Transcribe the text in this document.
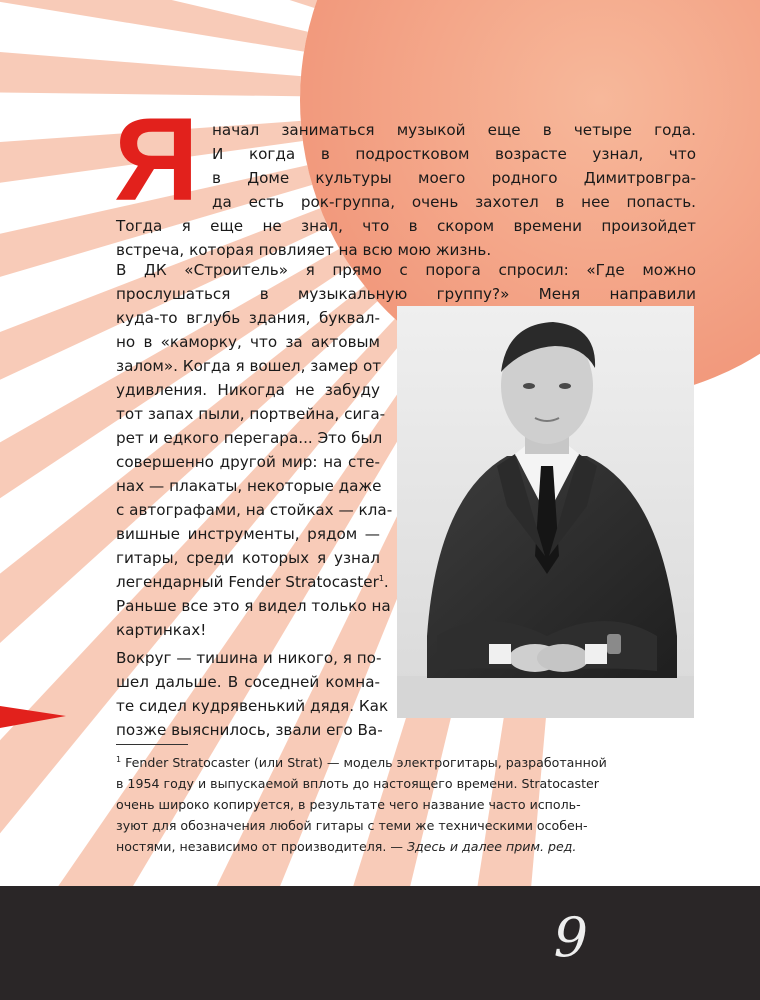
Я начал заниматься музыкой еще в четыре года.
И когда в подростковом возрасте узнал, что
в Доме культуры моего родного Димитровгра-
да есть рок-группа, очень захотел в нее попасть.
Тогда я еще не знал, что в скором времени произойдет
встреча, которая повлияет на всю мою жизнь.
В ДК «Строитель» я прямо с порога спросил: «Где можно
прослушаться в музыкальную группу?» Меня направили
куда-то вглубь здания, буквал-
но в «каморку, что за актовым
залом». Когда я вошел, замер от
удивления. Никогда не забуду
тот запах пыли, портвейна, сига-
рет и едкого перегара... Это был
совершенно другой мир: на сте-
нах — плакаты, некоторые даже
с автографами, на стойках — кла-
вишные инструменты, рядом —
гитары, среди которых я узнал
легендарный Fender Stratocaster$^1$.
Раньше все это я видел только на
картинках!
Вокруг — тишина и никого, я по-
шел дальше. В соседней комна-
те сидел кудрявенький дядя. Как
позже выяснилось, звали его Ва-
$^1$ Fender Stratocaster (или Strat) — модель электрогитары, разработанной
в 1954 году и выпускаемой вплоть до настоящего времени. Stratocaster
очень широко копируется, в результате чего название часто исполь-
зуют для обозначения любой гитары с теми же техническими особен-
ностями, независимо от производителя. — Здесь и далее прим. ред.
9
